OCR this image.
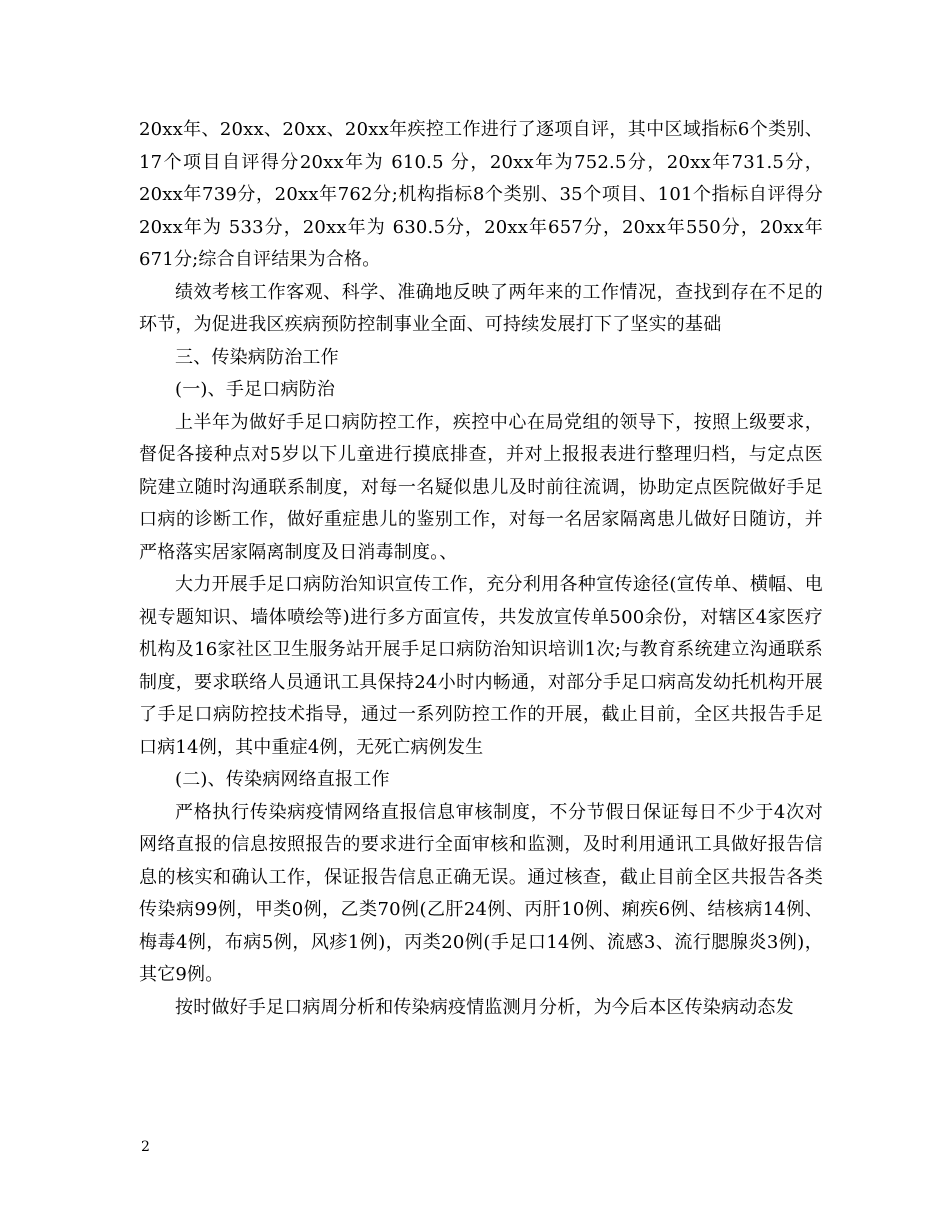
20xx年、20xx、20xx、20xx年疾控工作进行了逐项自评，其中区域指标6个类别、17个项目自评得分20xx年为 610.5 分，20xx年为752.5分，20xx年731.5分，20xx年739分，20xx年762分;机构指标8个类别、35个项目、101个指标自评得分20xx年为 533分，20xx年为 630.5分，20xx年657分，20xx年550分，20xx年671分;综合自评结果为合格。

绩效考核工作客观、科学、准确地反映了两年来的工作情况，查找到存在不足的环节，为促进我区疾病预防控制事业全面、可持续发展打下了坚实的基础

三、传染病防治工作

(一)、手足口病防治

上半年为做好手足口病防控工作，疾控中心在局党组的领导下，按照上级要求，督促各接种点对5岁以下儿童进行摸底排查，并对上报报表进行整理归档，与定点医院建立随时沟通联系制度，对每一名疑似患儿及时前往流调，协助定点医院做好手足口病的诊断工作，做好重症患儿的鉴别工作，对每一名居家隔离患儿做好日随访，并严格落实居家隔离制度及日消毒制度。、

大力开展手足口病防治知识宣传工作，充分利用各种宣传途径(宣传单、横幅、电视专题知识、墙体喷绘等)进行多方面宣传，共发放宣传单500余份，对辖区4家医疗机构及16家社区卫生服务站开展手足口病防治知识培训1次;与教育系统建立沟通联系制度，要求联络人员通讯工具保持24小时内畅通，对部分手足口病高发幼托机构开展了手足口病防控技术指导，通过一系列防控工作的开展，截止目前，全区共报告手足口病14例，其中重症4例，无死亡病例发生

(二)、传染病网络直报工作

严格执行传染病疫情网络直报信息审核制度，不分节假日保证每日不少于4次对网络直报的信息按照报告的要求进行全面审核和监测，及时利用通讯工具做好报告信息的核实和确认工作，保证报告信息正确无误。通过核查，截止目前全区共报告各类传染病99例，甲类0例，乙类70例(乙肝24例、丙肝10例、痢疾6例、结核病14例、梅毒4例，布病5例，风疹1例)，丙类20例(手足口14例、流感3、流行腮腺炎3例)，其它9例。

按时做好手足口病周分析和传染病疫情监测月分析，为今后本区传染病动态发

2
